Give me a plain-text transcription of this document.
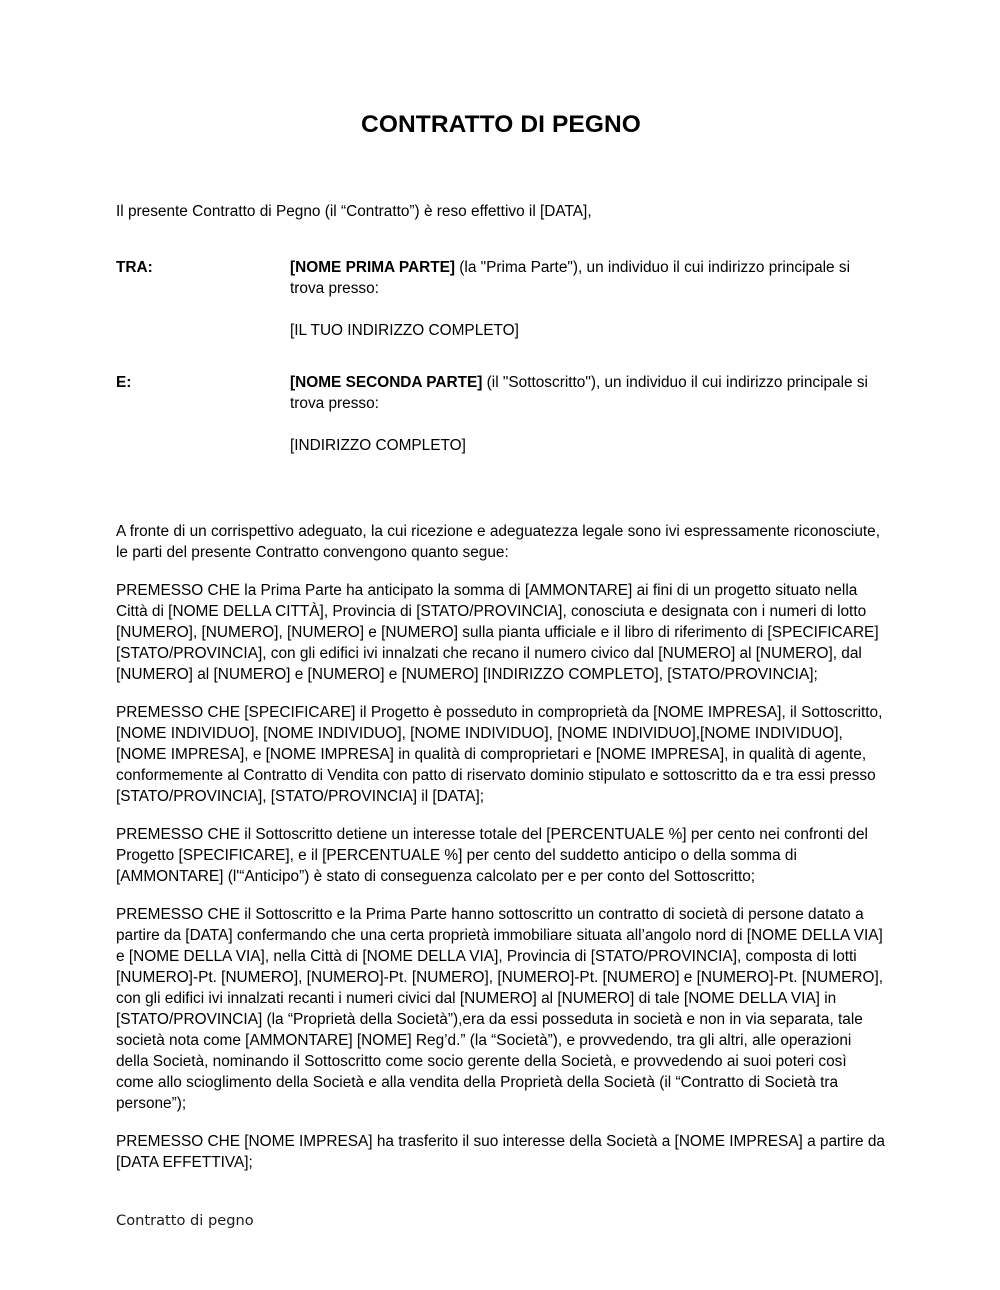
CONTRATTO DI PEGNO

Il presente Contratto di Pegno (il “Contratto”) è reso effettivo il [DATA],

TRA:	[NOME PRIMA PARTE] (la "Prima Parte"), un individuo il cui indirizzo principale si trova presso:

[IL TUO INDIRIZZO COMPLETO]

E:	[NOME SECONDA PARTE] (il "Sottoscritto"), un individuo il cui indirizzo principale si trova presso:

[INDIRIZZO COMPLETO]

A fronte di un corrispettivo adeguato, la cui ricezione e adeguatezza legale sono ivi espressamente riconosciute, le parti del presente Contratto convengono quanto segue:

PREMESSO CHE la Prima Parte ha anticipato la somma di [AMMONTARE] ai fini di un progetto situato nella Città di [NOME DELLA CITTÀ], Provincia di [STATO/PROVINCIA], conosciuta e designata con i numeri di lotto [NUMERO], [NUMERO], [NUMERO] e [NUMERO] sulla pianta ufficiale e il libro di riferimento di [SPECIFICARE] [STATO/PROVINCIA], con gli edifici ivi innalzati che recano il numero civico dal [NUMERO] al [NUMERO], dal [NUMERO] al [NUMERO] e [NUMERO] e [NUMERO] [INDIRIZZO COMPLETO], [STATO/PROVINCIA];

PREMESSO CHE [SPECIFICARE] il Progetto è posseduto in comproprietà da [NOME IMPRESA], il Sottoscritto, [NOME INDIVIDUO], [NOME INDIVIDUO], [NOME INDIVIDUO], [NOME INDIVIDUO],[NOME INDIVIDUO], [NOME IMPRESA], e [NOME IMPRESA] in qualità di comproprietari e [NOME IMPRESA], in qualità di agente, conformemente al Contratto di Vendita con patto di riservato dominio stipulato e sottoscritto da e tra essi presso [STATO/PROVINCIA], [STATO/PROVINCIA] il [DATA];

PREMESSO CHE il Sottoscritto detiene un interesse totale del [PERCENTUALE %] per cento nei confronti del Progetto [SPECIFICARE], e il [PERCENTUALE %] per cento del suddetto anticipo o della somma di [AMMONTARE] (l'“Anticipo”) è stato di conseguenza calcolato per e per conto del Sottoscritto;

PREMESSO CHE il Sottoscritto e la Prima Parte hanno sottoscritto un contratto di società di persone datato a partire da [DATA] confermando che una certa proprietà immobiliare situata all’angolo nord di [NOME DELLA VIA] e [NOME DELLA VIA], nella Città di [NOME DELLA VIA], Provincia di [STATO/PROVINCIA], composta di lotti [NUMERO]-Pt. [NUMERO], [NUMERO]-Pt. [NUMERO], [NUMERO]-Pt. [NUMERO] e [NUMERO]-Pt. [NUMERO], con gli edifici ivi innalzati recanti i numeri civici dal [NUMERO] al [NUMERO] di tale [NOME DELLA VIA] in [STATO/PROVINCIA] (la “Proprietà della Società”),era da essi posseduta in società e non in via separata, tale società nota come [AMMONTARE] [NOME] Reg’d.” (la “Società”), e provvedendo, tra gli altri, alle operazioni della Società, nominando il Sottoscritto come socio gerente della Società, e provvedendo ai suoi poteri così come allo scioglimento della Società e alla vendita della Proprietà della Società (il “Contratto di Società tra persone”);

PREMESSO CHE [NOME IMPRESA] ha trasferito il suo interesse della Società a [NOME IMPRESA] a partire da [DATA EFFETTIVA];

Contratto di pegno
